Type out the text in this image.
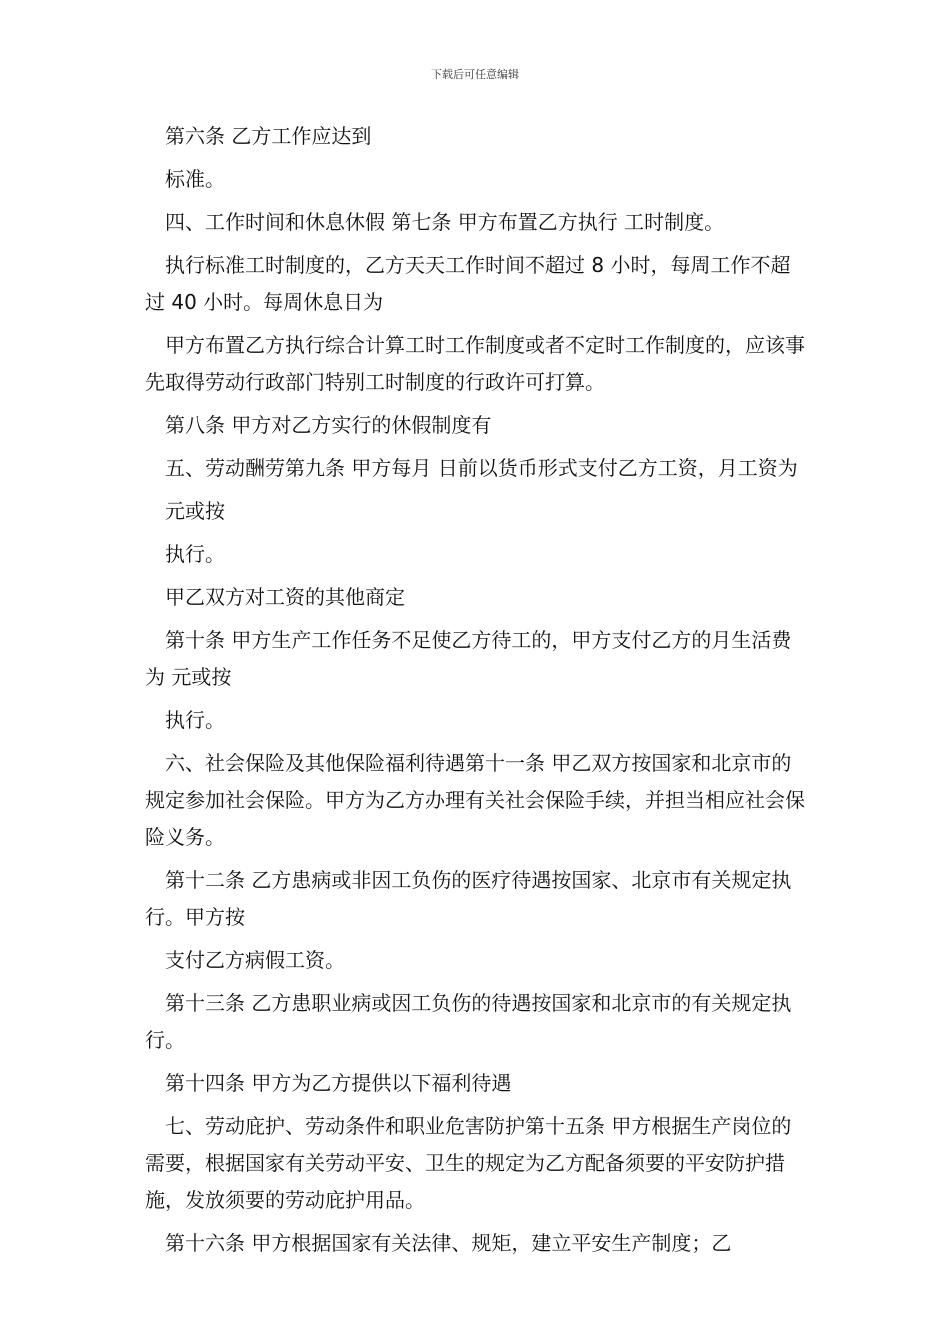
下载后可任意编辑

第六条 乙方工作应达到

标准。

四、工作时间和休息休假 第七条 甲方布置乙方执行 工时制度。

执行标准工时制度的，乙方天天工作时间不超过 8 小时，每周工作不超过 40 小时。每周休息日为

甲方布置乙方执行综合计算工时工作制度或者不定时工作制度的，应该事先取得劳动行政部门特别工时制度的行政许可打算。

第八条 甲方对乙方实行的休假制度有

五、劳动酬劳第九条 甲方每月 日前以货币形式支付乙方工资，月工资为

元或按

执行。

甲乙双方对工资的其他商定

第十条 甲方生产工作任务不足使乙方待工的，甲方支付乙方的月生活费为 元或按

执行。

六、社会保险及其他保险福利待遇第十一条 甲乙双方按国家和北京市的规定参加社会保险。甲方为乙方办理有关社会保险手续，并担当相应社会保险义务。

第十二条 乙方患病或非因工负伤的医疗待遇按国家、北京市有关规定执行。甲方按

支付乙方病假工资。

第十三条 乙方患职业病或因工负伤的待遇按国家和北京市的有关规定执行。

第十四条 甲方为乙方提供以下福利待遇

七、劳动庇护、劳动条件和职业危害防护第十五条 甲方根据生产岗位的需要，根据国家有关劳动平安、卫生的规定为乙方配备须要的平安防护措施，发放须要的劳动庇护用品。

第十六条 甲方根据国家有关法律、规矩，建立平安生产制度；乙
